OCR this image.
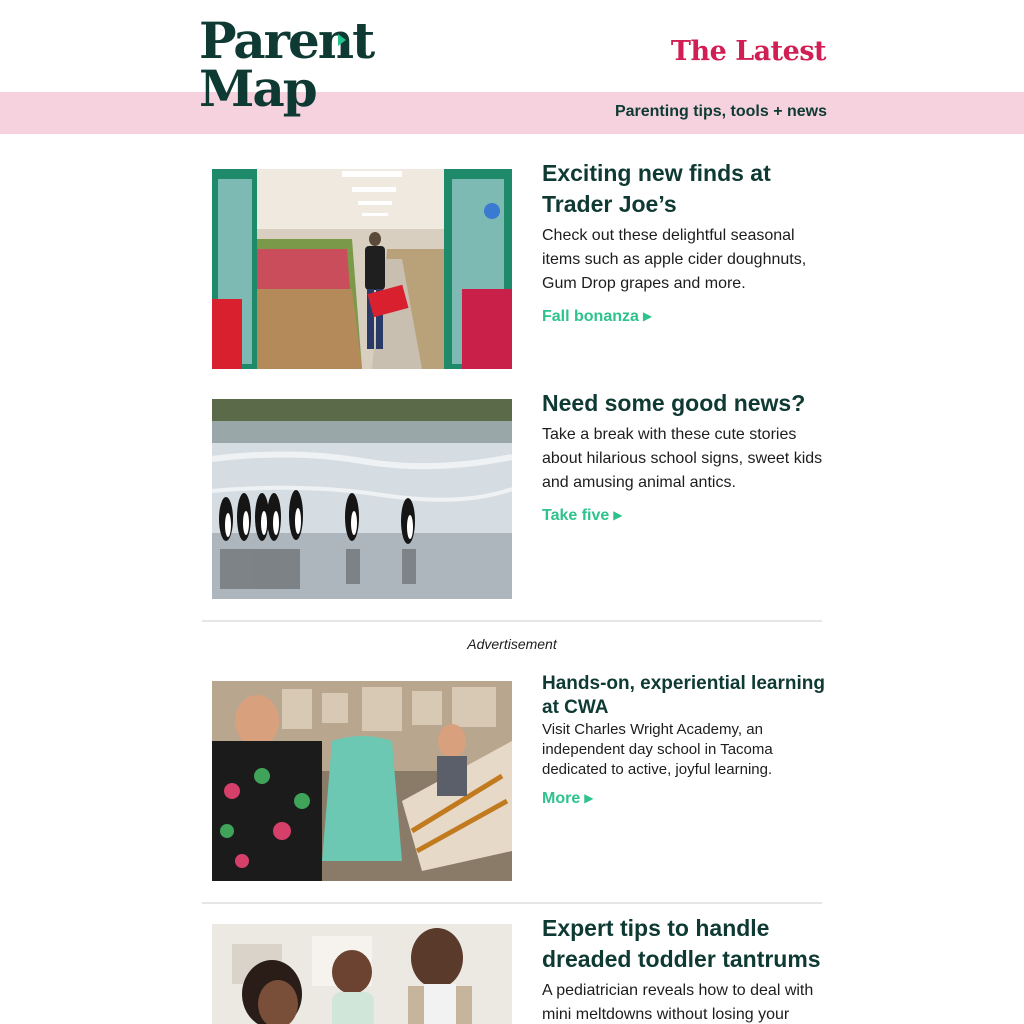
Parent
Map
The Latest
Parenting tips, tools + news
Exciting new finds at Trader Joe’s
Check out these delightful seasonal items such as apple cider doughnuts, Gum Drop grapes and more.
Fall bonanza ▶
Need some good news?
Take a break with these cute stories about hilarious school signs, sweet kids and amusing animal antics.
Take five ▶
Advertisement
Hands-on, experiential learning at CWA
Visit Charles Wright Academy, an independent day school in Tacoma dedicated to active, joyful learning.
More ▶
Expert tips to handle dreaded toddler tantrums
A pediatrician reveals how to deal with mini meltdowns without losing your
